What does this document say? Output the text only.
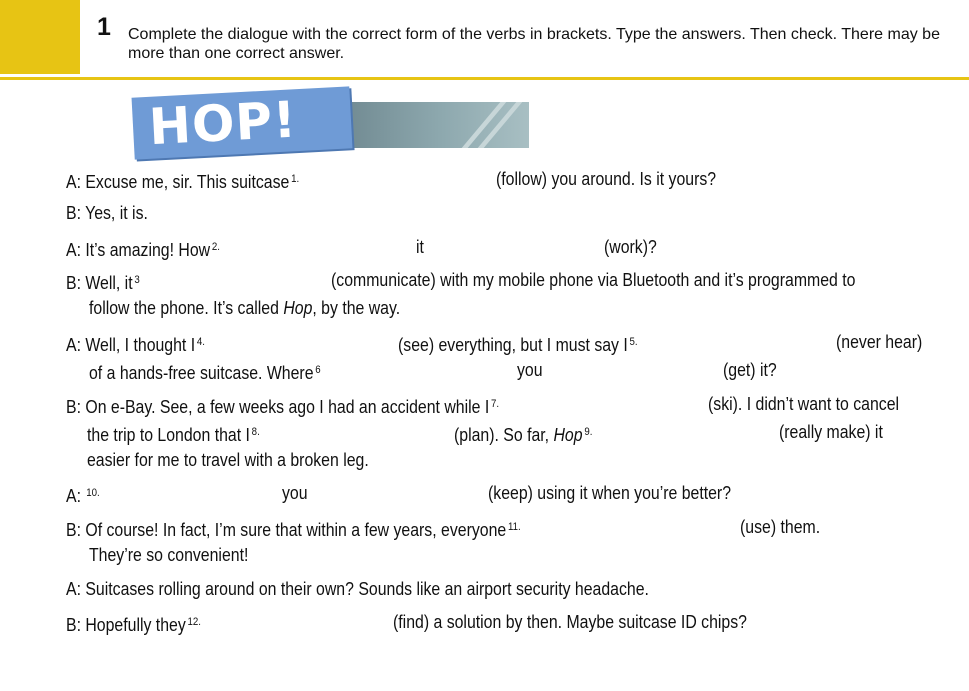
1 Complete the dialogue with the correct form of the verbs in brackets. Type the answers. Then check. There may be more than one correct answer.
HOP!
A: Excuse me, sir. This suitcase $^{1.}$	(follow) you around. Is it yours?
B: Yes, it is.
A: It’s amazing! How $^{2.}$	it	(work)?
B: Well, it $^3$	(communicate) with my mobile phone via Bluetooth and it’s programmed to
follow the phone. It’s called Hop, by the way.
A: Well, I thought I $^{4.}$	(see) everything, but I must say I $^{5.}$	(never hear)
of a hands-free suitcase. Where $^6$	you	(get) it?
B: On e-Bay. See, a few weeks ago I had an accident while I $^{7.}$	(ski). I didn’t want to cancel
the trip to London that I $^{8.}$	(plan). So far, Hop $^{9.}$	(really make) it
easier for me to travel with a broken leg.
A: $^{10.}$	you	(keep) using it when you’re better?
B: Of course! In fact, I’m sure that within a few years, everyone $^{11.}$	(use) them.
They’re so convenient!
A: Suitcases rolling around on their own? Sounds like an airport security headache.
B: Hopefully they $^{12.}$	(find) a solution by then. Maybe suitcase ID chips?
